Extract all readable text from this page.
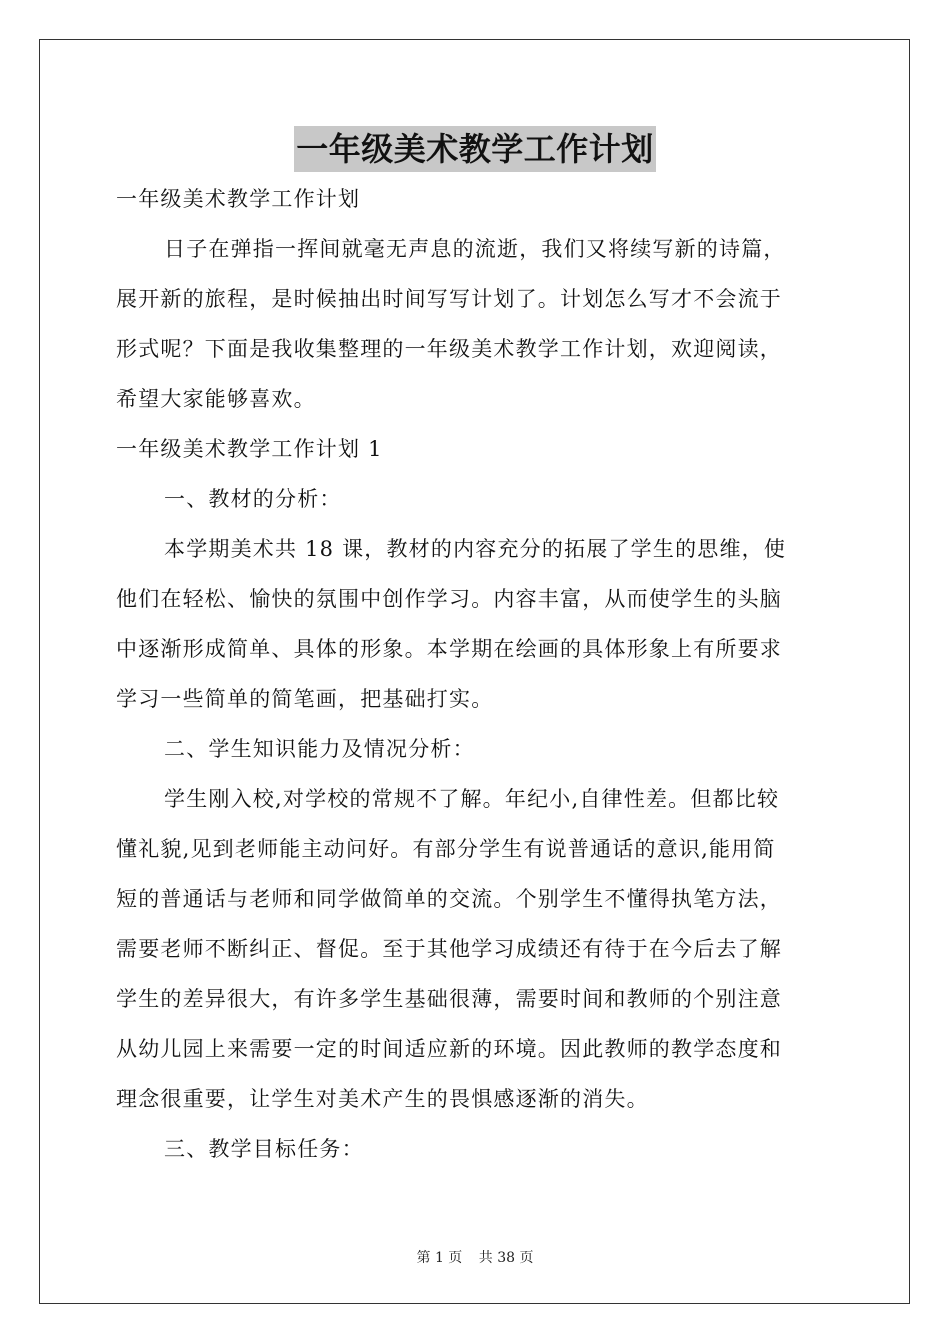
一年级美术教学工作计划
一年级美术教学工作计划
日子在弹指一挥间就毫无声息的流逝，我们又将续写新的诗篇，
展开新的旅程，是时候抽出时间写写计划了。计划怎么写才不会流于
形式呢？下面是我收集整理的一年级美术教学工作计划，欢迎阅读，
希望大家能够喜欢。
一年级美术教学工作计划 1
一、教材的分析：
本学期美术共 18 课，教材的内容充分的拓展了学生的思维，使
他们在轻松、愉快的氛围中创作学习。内容丰富，从而使学生的头脑
中逐渐形成简单、具体的形象。本学期在绘画的具体形象上有所要求
学习一些简单的简笔画，把基础打实。
二、学生知识能力及情况分析：
学生刚入校,对学校的常规不了解。年纪小,自律性差。但都比较
懂礼貌,见到老师能主动问好。有部分学生有说普通话的意识,能用简
短的普通话与老师和同学做简单的交流。个别学生不懂得执笔方法，
需要老师不断纠正、督促。至于其他学习成绩还有待于在今后去了解
学生的差异很大，有许多学生基础很薄，需要时间和教师的个别注意
从幼儿园上来需要一定的时间适应新的环境。因此教师的教学态度和
理念很重要，让学生对美术产生的畏惧感逐渐的消失。
三、教学目标任务：
第 1 页 共 38 页
